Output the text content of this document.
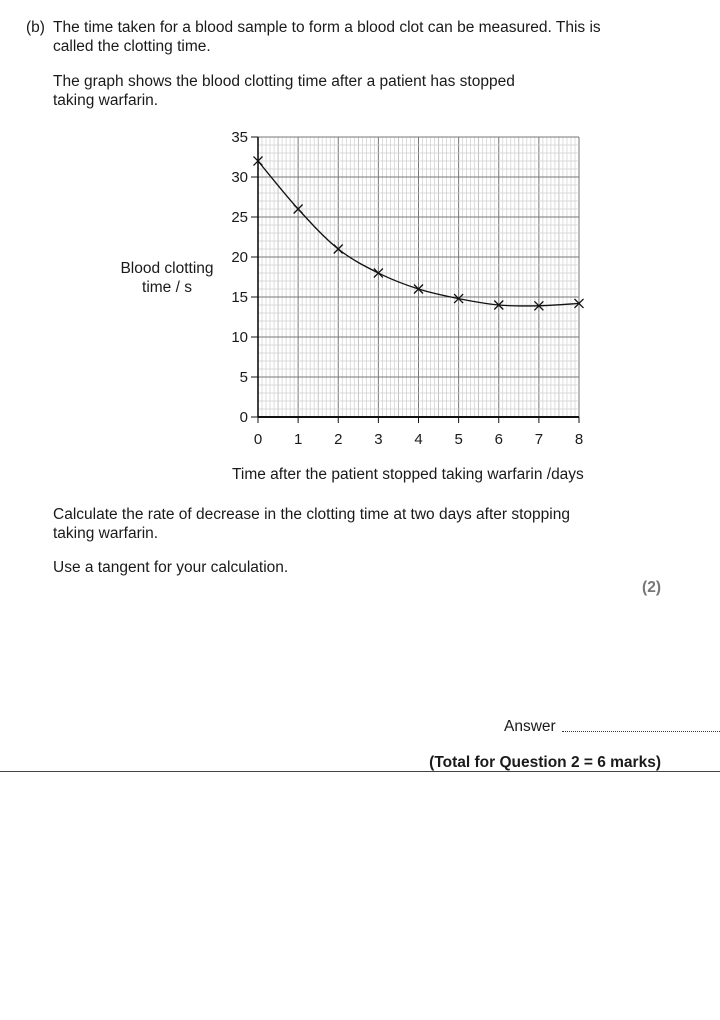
(b) The time taken for a blood sample to form a blood clot can be measured. This is
called the clotting time.
The graph shows the blood clotting time after a patient has stopped
taking warfarin.
Blood clotting
time / s
0
5
10
15
20
25
30
35
0 1 2 3 4 5 6 7 8
Time after the patient stopped taking warfarin /days
Calculate the rate of decrease in the clotting time at two days after stopping
taking warfarin.
Use a tangent for your calculation.
(2)
Answer
(Total for Question 2 = 6 marks)
